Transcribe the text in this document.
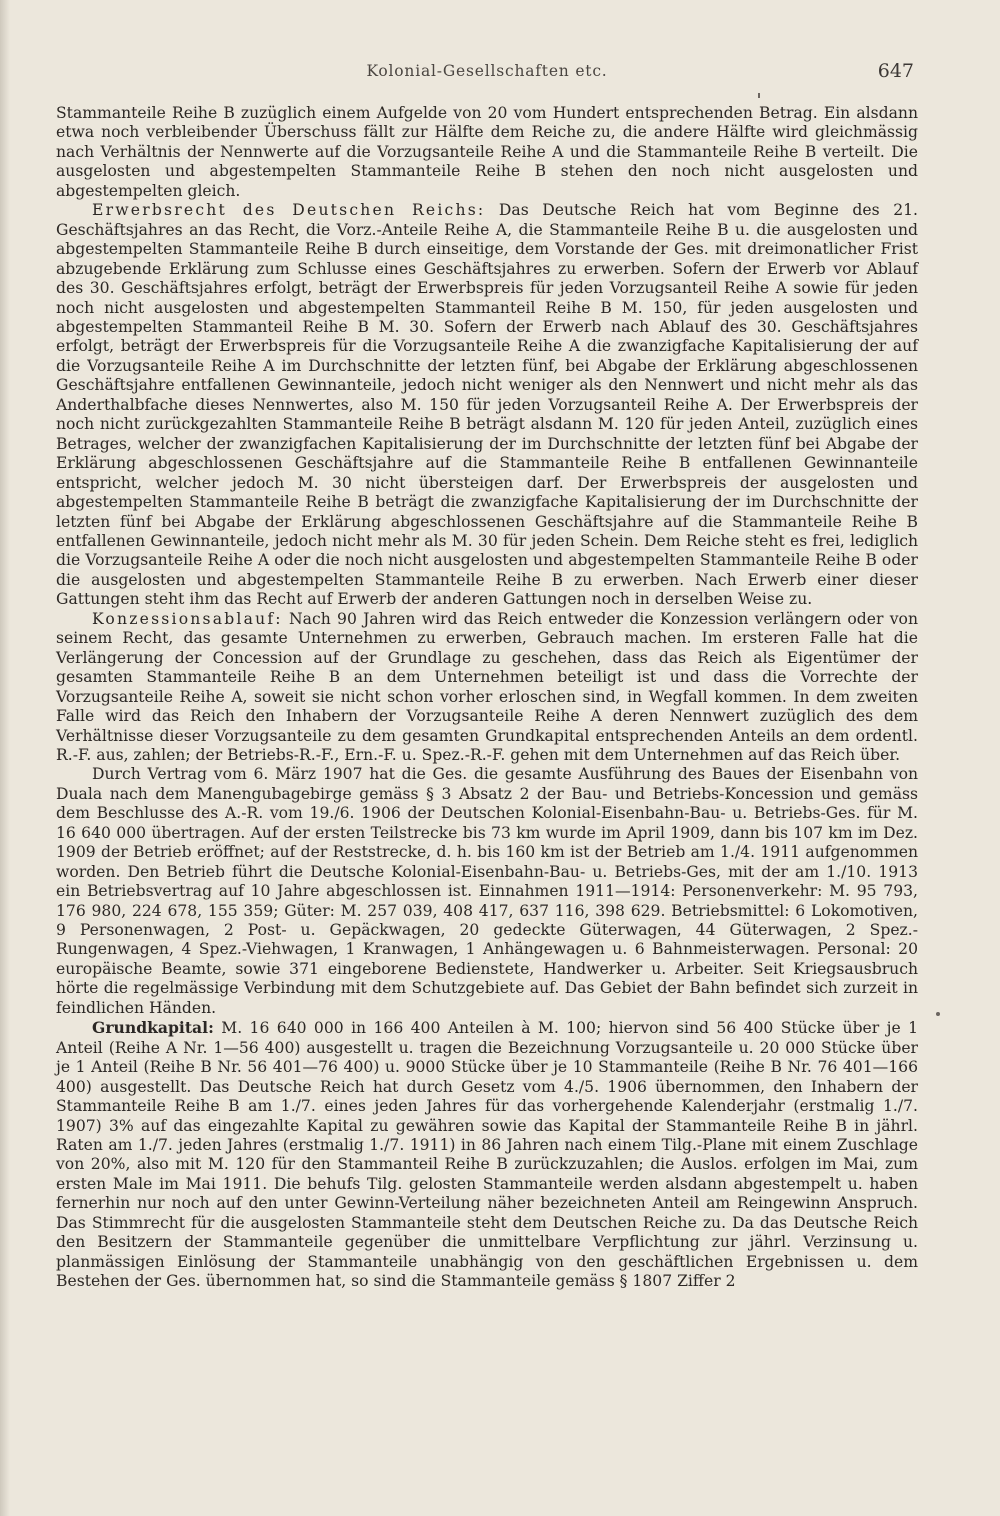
Kolonial-Gesellschaften etc.	647

Stammanteile Reihe B zuzüglich einem Aufgelde von 20 vom Hundert entsprechenden Betrag. Ein alsdann etwa noch verbleibender Überschuss fällt zur Hälfte dem Reiche zu, die andere Hälfte wird gleichmässig nach Verhältnis der Nennwerte auf die Vorzugsanteile Reihe A und die Stammanteile Reihe B verteilt. Die ausgelosten und abgestempelten Stammanteile Reihe B stehen den noch nicht ausgelosten und abgestempelten gleich.

Erwerbsrecht des Deutschen Reichs: Das Deutsche Reich hat vom Beginne des 21. Geschäftsjahres an das Recht, die Vorz.-Anteile Reihe A, die Stammanteile Reihe B u. die ausgelosten und abgestempelten Stammanteile Reihe B durch einseitige, dem Vorstande der Ges. mit dreimonatlicher Frist abzugebende Erklärung zum Schlusse eines Geschäftsjahres zu erwerben. Sofern der Erwerb vor Ablauf des 30. Geschäftsjahres erfolgt, beträgt der Erwerbspreis für jeden Vorzugsanteil Reihe A sowie für jeden noch nicht ausgelosten und abgestempelten Stammanteil Reihe B M. 150, für jeden ausgelosten und abgestempelten Stammanteil Reihe B M. 30. Sofern der Erwerb nach Ablauf des 30. Geschäftsjahres erfolgt, beträgt der Erwerbspreis für die Vorzugsanteile Reihe A die zwanzigfache Kapitalisierung der auf die Vorzugsanteile Reihe A im Durchschnitte der letzten fünf, bei Abgabe der Erklärung abgeschlossenen Geschäftsjahre entfallenen Gewinnanteile, jedoch nicht weniger als den Nennwert und nicht mehr als das Anderthalbfache dieses Nennwertes, also M. 150 für jeden Vorzugsanteil Reihe A. Der Erwerbspreis der noch nicht zurückgezahlten Stammanteile Reihe B beträgt alsdann M. 120 für jeden Anteil, zuzüglich eines Betrages, welcher der zwanzigfachen Kapitalisierung der im Durchschnitte der letzten fünf bei Abgabe der Erklärung abgeschlossenen Geschäftsjahre auf die Stammanteile Reihe B entfallenen Gewinnanteile entspricht, welcher jedoch M. 30 nicht übersteigen darf. Der Erwerbspreis der ausgelosten und abgestempelten Stammanteile Reihe B beträgt die zwanzigfache Kapitalisierung der im Durchschnitte der letzten fünf bei Abgabe der Erklärung abgeschlossenen Geschäftsjahre auf die Stammanteile Reihe B entfallenen Gewinnanteile, jedoch nicht mehr als M. 30 für jeden Schein. Dem Reiche steht es frei, lediglich die Vorzugsanteile Reihe A oder die noch nicht ausgelosten und abgestempelten Stammanteile Reihe B oder die ausgelosten und abgestempelten Stammanteile Reihe B zu erwerben. Nach Erwerb einer dieser Gattungen steht ihm das Recht auf Erwerb der anderen Gattungen noch in derselben Weise zu.

Konzessionsablauf: Nach 90 Jahren wird das Reich entweder die Konzession verlängern oder von seinem Recht, das gesamte Unternehmen zu erwerben, Gebrauch machen. Im ersteren Falle hat die Verlängerung der Concession auf der Grundlage zu geschehen, dass das Reich als Eigentümer der gesamten Stammanteile Reihe B an dem Unternehmen beteiligt ist und dass die Vorrechte der Vorzugsanteile Reihe A, soweit sie nicht schon vorher erloschen sind, in Wegfall kommen. In dem zweiten Falle wird das Reich den Inhabern der Vorzugsanteile Reihe A deren Nennwert zuzüglich des dem Verhältnisse dieser Vorzugsanteile zu dem gesamten Grundkapital entsprechenden Anteils an dem ordentl. R.-F. aus, zahlen; der Betriebs-R.-F., Ern.-F. u. Spez.-R.-F. gehen mit dem Unternehmen auf das Reich über.

Durch Vertrag vom 6. März 1907 hat die Ges. die gesamte Ausführung des Baues der Eisenbahn von Duala nach dem Manengubagebirge gemäss § 3 Absatz 2 der Bau- und Betriebs-Koncession und gemäss dem Beschlusse des A.-R. vom 19./6. 1906 der Deutschen Kolonial-Eisenbahn-Bau- u. Betriebs-Ges. für M. 16 640 000 übertragen. Auf der ersten Teilstrecke bis 73 km wurde im April 1909, dann bis 107 km im Dez. 1909 der Betrieb eröffnet; auf der Reststrecke, d. h. bis 160 km ist der Betrieb am 1./4. 1911 aufgenommen worden. Den Betrieb führt die Deutsche Kolonial-Eisenbahn-Bau- u. Betriebs-Ges, mit der am 1./10. 1913 ein Betriebsvertrag auf 10 Jahre abgeschlossen ist. Einnahmen 1911—1914: Personenverkehr: M. 95 793, 176 980, 224 678, 155 359; Güter: M. 257 039, 408 417, 637 116, 398 629. Betriebsmittel: 6 Lokomotiven, 9 Personenwagen, 2 Post- u. Gepäckwagen, 20 gedeckte Güterwagen, 44 Güterwagen, 2 Spez.-Rungenwagen, 4 Spez.-Viehwagen, 1 Kranwagen, 1 Anhängewagen u. 6 Bahnmeisterwagen. Personal: 20 europäische Beamte, sowie 371 eingeborene Bedienstete, Handwerker u. Arbeiter. Seit Kriegsausbruch hörte die regelmässige Verbindung mit dem Schutzgebiete auf. Das Gebiet der Bahn befindet sich zurzeit in feindlichen Händen.

Grundkapital: M. 16 640 000 in 166 400 Anteilen à M. 100; hiervon sind 56 400 Stücke über je 1 Anteil (Reihe A Nr. 1—56 400) ausgestellt u. tragen die Bezeichnung Vorzugsanteile u. 20 000 Stücke über je 1 Anteil (Reihe B Nr. 56 401—76 400) u. 9000 Stücke über je 10 Stammanteile (Reihe B Nr. 76 401—166 400) ausgestellt. Das Deutsche Reich hat durch Gesetz vom 4./5. 1906 übernommen, den Inhabern der Stammanteile Reihe B am 1./7. eines jeden Jahres für das vorhergehende Kalenderjahr (erstmalig 1./7. 1907) 3% auf das eingezahlte Kapital zu gewähren sowie das Kapital der Stammanteile Reihe B in jährl. Raten am 1./7. jeden Jahres (erstmalig 1./7. 1911) in 86 Jahren nach einem Tilg.-Plane mit einem Zuschlage von 20%, also mit M. 120 für den Stammanteil Reihe B zurückzuzahlen; die Auslos. erfolgen im Mai, zum ersten Male im Mai 1911. Die behufs Tilg. gelosten Stammanteile werden alsdann abgestempelt u. haben fernerhin nur noch auf den unter Gewinn-Verteilung näher bezeichneten Anteil am Reingewinn Anspruch. Das Stimmrecht für die ausgelosten Stammanteile steht dem Deutschen Reiche zu. Da das Deutsche Reich den Besitzern der Stammanteile gegenüber die unmittelbare Verpflichtung zur jährl. Verzinsung u. planmässigen Einlösung der Stammanteile unabhängig von den geschäftlichen Ergebnissen u. dem Bestehen der Ges. übernommen hat, so sind die Stammanteile gemäss § 1807 Ziffer 2
